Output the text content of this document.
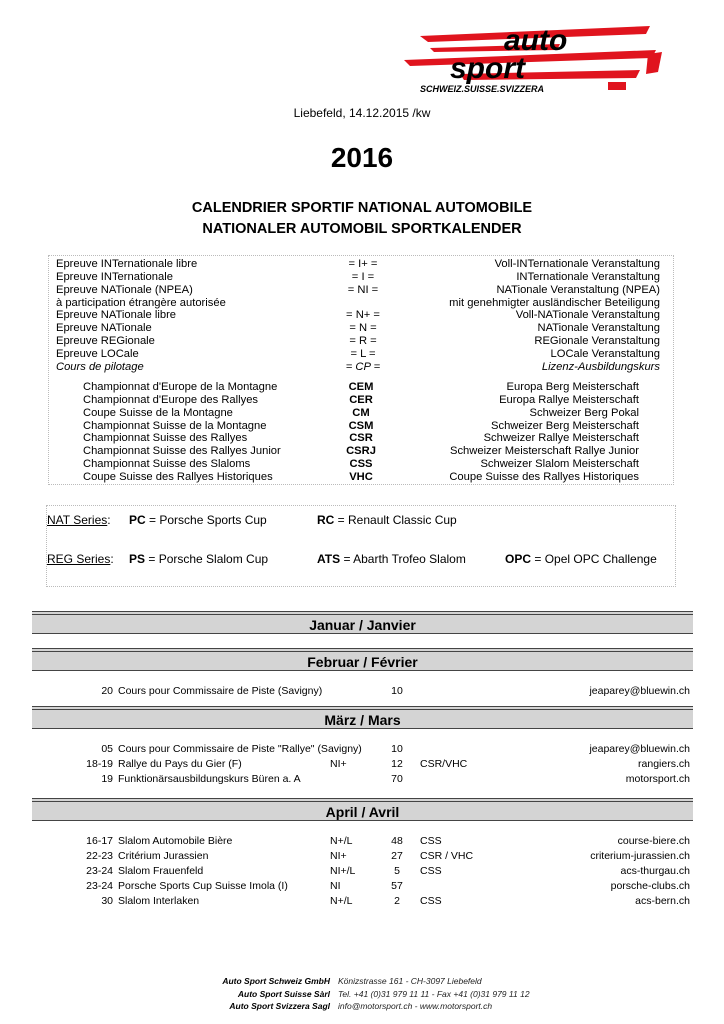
auto
sport
SCHWEIZ.SUISSE.SVIZZERA
Liebefeld, 14.12.2015 /kw
2016
CALENDRIER SPORTIF NATIONAL AUTOMOBILE
NATIONALER AUTOMOBIL SPORTKALENDER
Epreuve INTernationale libre	= I+ =	Voll-INTernationale Veranstaltung
Epreuve INTernationale	= I =	INTernationale Veranstaltung
Epreuve NATionale (NPEA)	= NI =	NATionale Veranstaltung (NPEA)
à participation étrangère autorisée	mit genehmigter ausländischer Beteiligung
Epreuve NATionale libre	= N+ =	Voll-NATionale Veranstaltung
Epreuve NATionale	= N =	NATionale Veranstaltung
Epreuve REGionale	= R =	REGionale Veranstaltung
Epreuve LOCale	= L =	LOCale Veranstaltung
Cours de pilotage	= CP =	Lizenz-Ausbildungskurs
Championnat d'Europe de la Montagne	CEM	Europa Berg Meisterschaft
Championnat d'Europe des Rallyes	CER	Europa Rallye Meisterschaft
Coupe Suisse de la Montagne	CM	Schweizer Berg Pokal
Championnat Suisse de la Montagne	CSM	Schweizer Berg Meisterschaft
Championnat Suisse des Rallyes	CSR	Schweizer Rallye Meisterschaft
Championnat Suisse des Rallyes Junior	CSRJ	Schweizer Meisterschaft Rallye Junior
Championnat Suisse des Slaloms	CSS	Schweizer Slalom Meisterschaft
Coupe Suisse des Rallyes Historiques	VHC	Coupe Suisse des Rallyes Historiques
NAT Series: PC = Porsche Sports Cup	RC = Renault Classic Cup
REG Series: PS = Porsche Slalom Cup	ATS = Abarth Trofeo Slalom	OPC = Opel OPC Challenge
Januar / Janvier
Februar / Février
20 Cours pour Commissaire de Piste (Savigny)	10	jeaparey@bluewin.ch
März / Mars
05 Cours pour Commissaire de Piste "Rallye" (Savigny)	10	jeaparey@bluewin.ch
18-19 Rallye du Pays du Gier (F)	NI+	12	CSR/VHC	rangiers.ch
19 Funktionärsausbildungskurs Büren a. A	70	motorsport.ch
April / Avril
16-17 Slalom Automobile Bière	N+/L	48	CSS	course-biere.ch
22-23 Critérium Jurassien	NI+	27	CSR / VHC	criterium-jurassien.ch
23-24 Slalom Frauenfeld	NI+/L	5	CSS	acs-thurgau.ch
23-24 Porsche Sports Cup Suisse Imola (I)	NI	57	porsche-clubs.ch
30 Slalom Interlaken	N+/L	2	CSS	acs-bern.ch
Auto Sport Schweiz GmbH Könizstrasse 161 - CH-3097 Liebefeld
Auto Sport Suisse Sàrl Tel. +41 (0)31 979 11 11 - Fax +41 (0)31 979 11 12
Auto Sport Svizzera Sagl info@motorsport.ch - www.motorsport.ch
